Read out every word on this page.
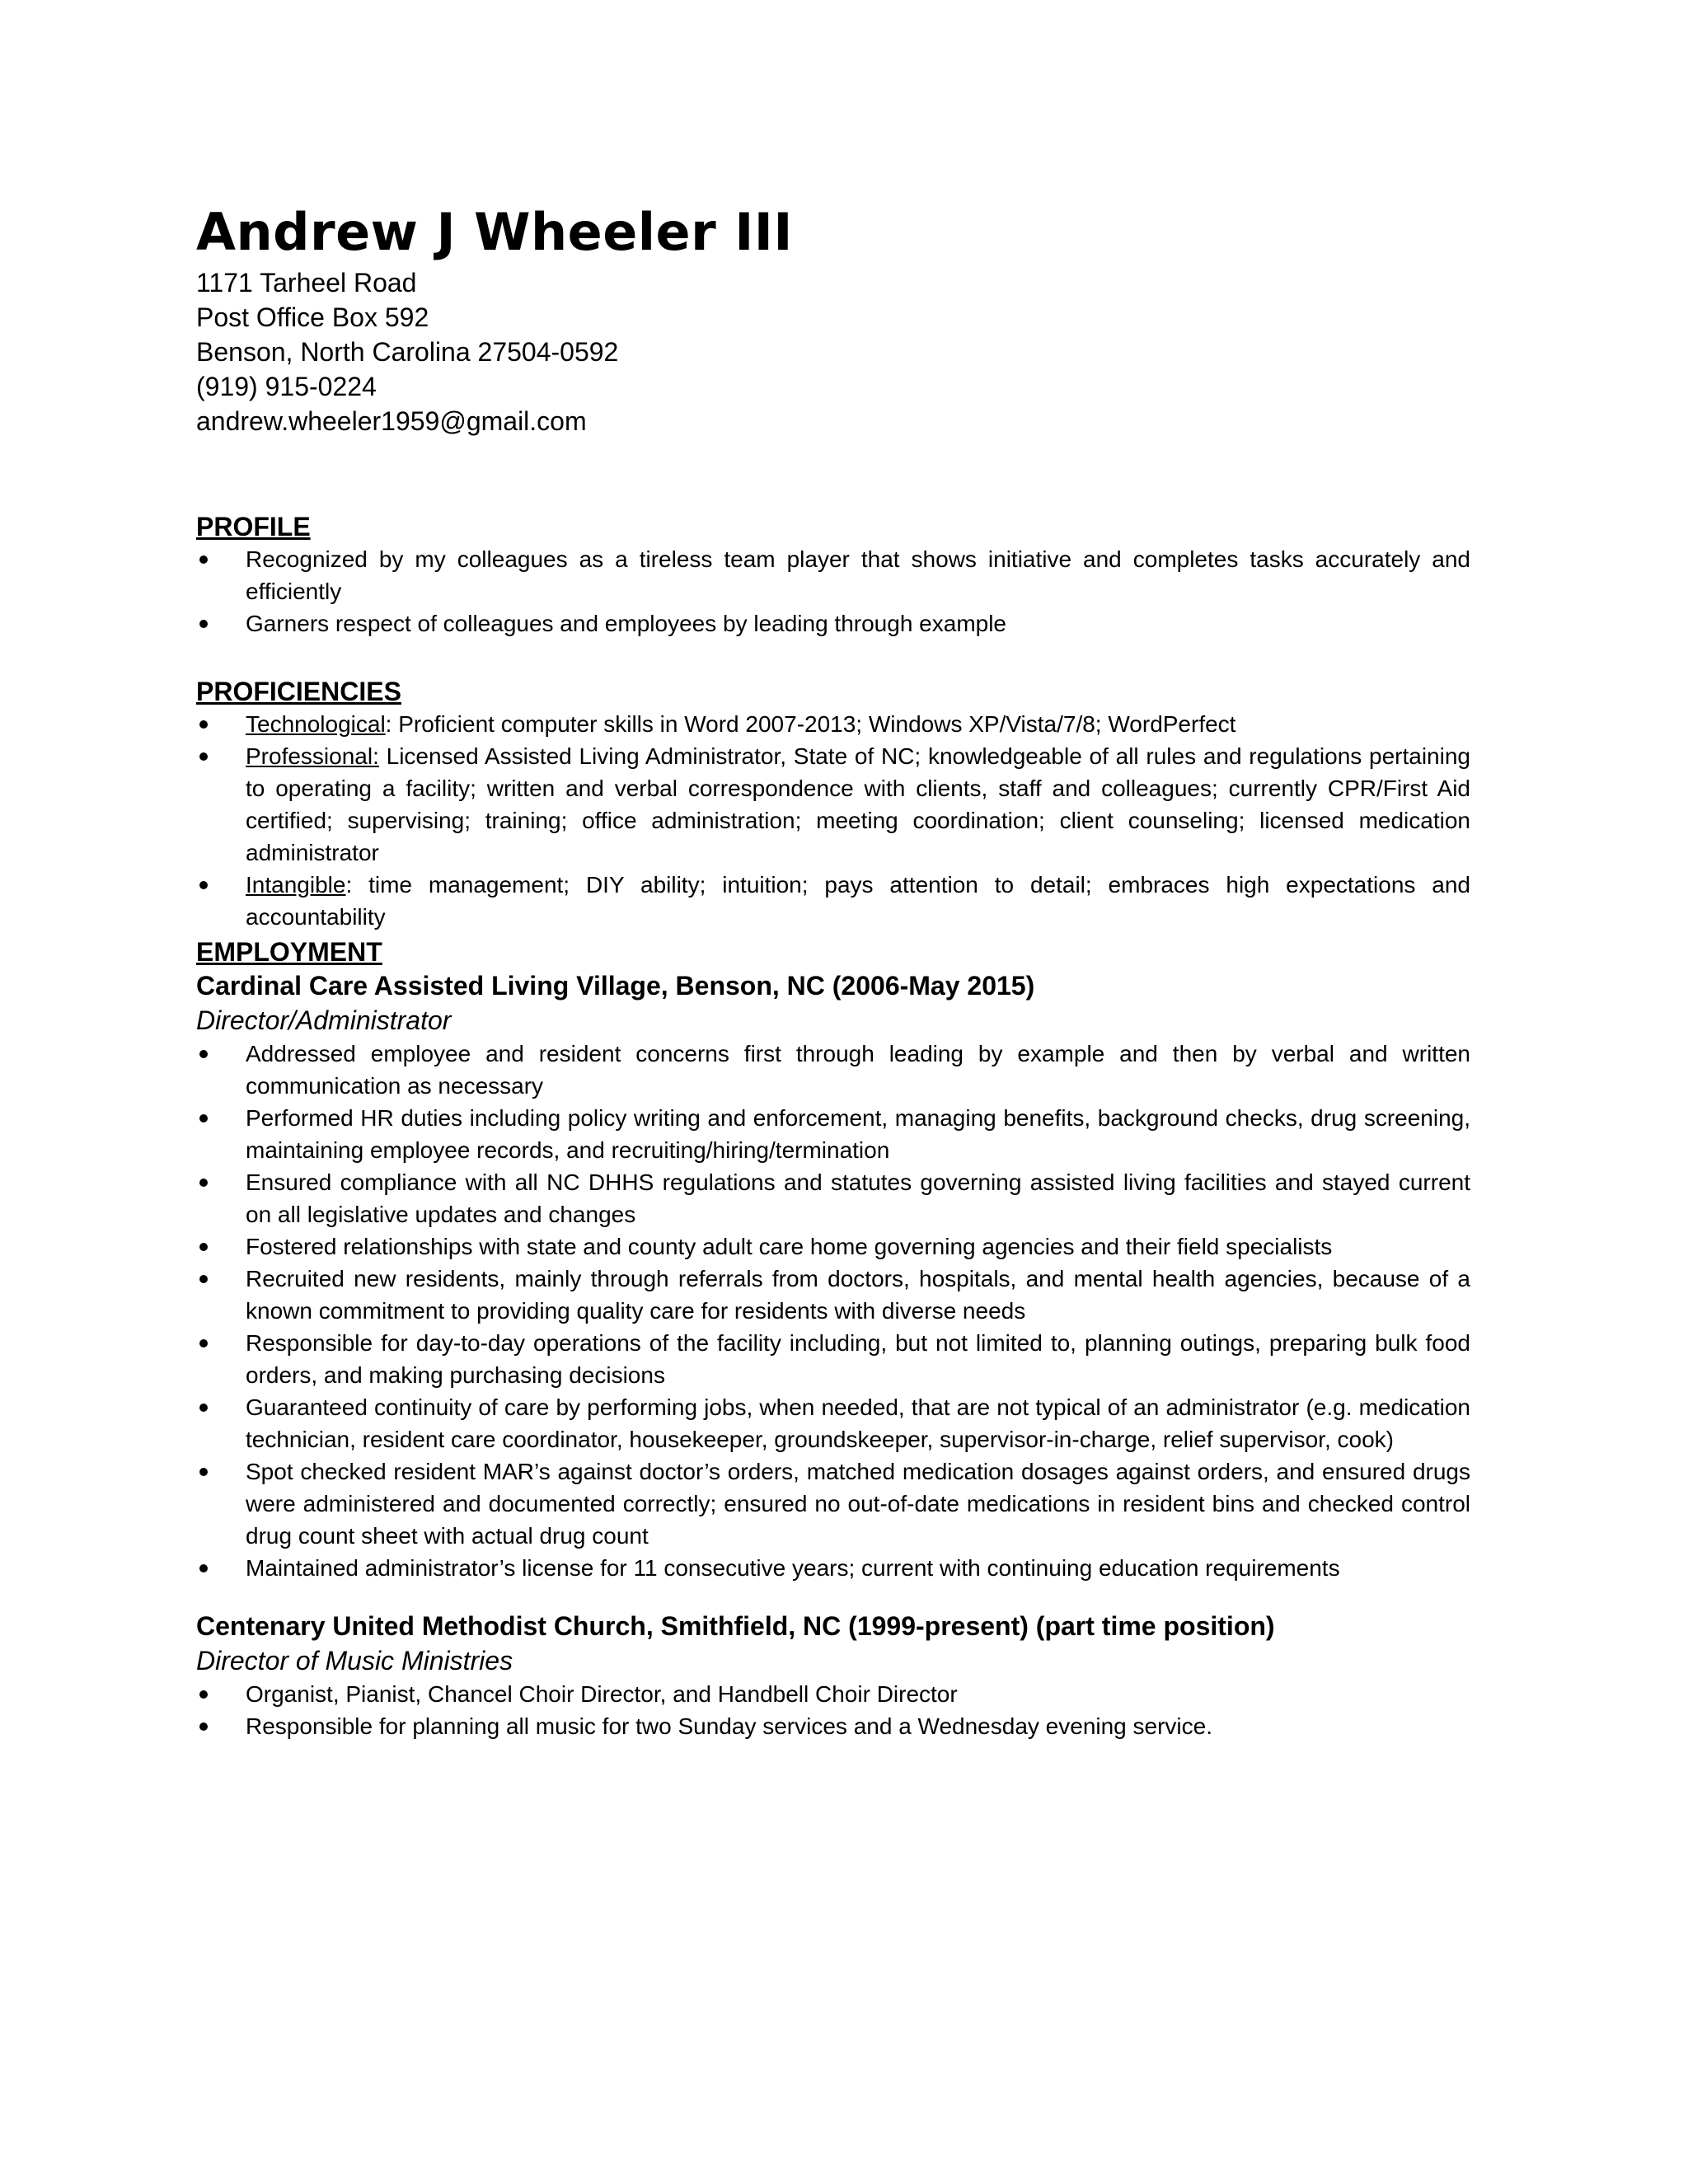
Andrew J Wheeler III
1171 Tarheel Road
Post Office Box 592
Benson, North Carolina 27504-0592
(919) 915-0224
andrew.wheeler1959@gmail.com
PROFILE
Recognized by my colleagues as a tireless team player that shows initiative and completes tasks accurately and efficiently
Garners respect of colleagues and employees by leading through example
PROFICIENCIES
Technological: Proficient computer skills in Word 2007-2013; Windows XP/Vista/7/8; WordPerfect
Professional: Licensed Assisted Living Administrator, State of NC; knowledgeable of all rules and regulations pertaining to operating a facility; written and verbal correspondence with clients, staff and colleagues; currently CPR/First Aid certified; supervising; training; office administration; meeting coordination; client counseling; licensed medication administrator
Intangible: time management; DIY ability; intuition; pays attention to detail; embraces high expectations and accountability
EMPLOYMENT
Cardinal Care Assisted Living Village, Benson, NC (2006-May 2015)

Director/Administrator

Addressed employee and resident concerns first through leading by example and then by verbal and written communication as necessary
Performed HR duties including policy writing and enforcement, managing benefits, background checks, drug screening, maintaining employee records, and recruiting/hiring/termination
Ensured compliance with all NC DHHS regulations and statutes governing assisted living facilities and stayed current on all legislative updates and changes
Fostered relationships with state and county adult care home governing agencies and their field specialists
Recruited new residents, mainly through referrals from doctors, hospitals, and mental health agencies, because of a known commitment to providing quality care for residents with diverse needs
Responsible for day-to-day operations of the facility including, but not limited to, planning outings, preparing bulk food orders, and making purchasing decisions
Guaranteed continuity of care by performing jobs, when needed, that are not typical of an administrator (e.g. medication technician, resident care coordinator, housekeeper, groundskeeper, supervisor-in-charge, relief supervisor, cook)
Spot checked resident MAR’s against doctor’s orders, matched medication dosages against orders, and ensured drugs were administered and documented correctly; ensured no out-of-date medications in resident bins and checked control drug count sheet with actual drug count
Maintained administrator’s license for 11 consecutive years; current with continuing education requirements
Centenary United Methodist Church, Smithfield, NC (1999-present) (part time position)

Director of Music Ministries

Organist, Pianist, Chancel Choir Director, and Handbell Choir Director
Responsible for planning all music for two Sunday services and a Wednesday evening service.
